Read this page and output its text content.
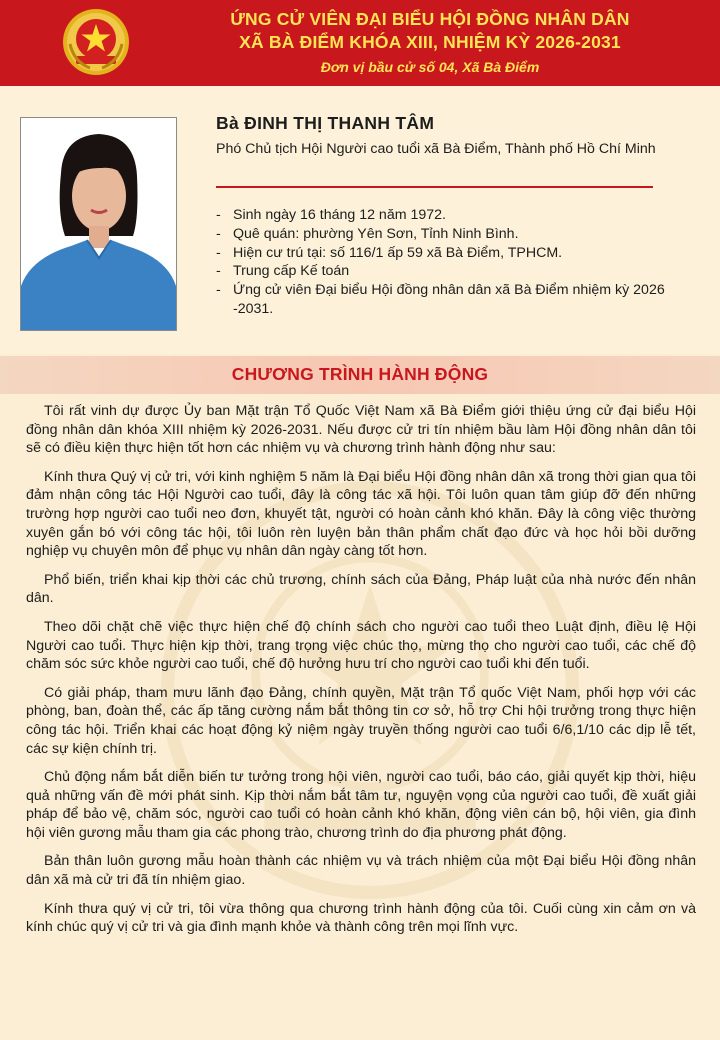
ỨNG CỬ VIÊN ĐẠI BIỂU HỘI ĐỒNG NHÂN DÂN
XÃ BÀ ĐIỂM KHÓA XIII, NHIỆM KỲ 2026-2031
Đơn vị bầu cử số 04, Xã Bà Điểm
Bà ĐINH THỊ THANH TÂM
Phó Chủ tịch Hội Người cao tuổi xã Bà Điểm, Thành phố Hồ Chí Minh
- Sinh ngày 16 tháng 12 năm 1972.
- Quê quán: phường Yên Sơn, Tỉnh Ninh Bình.
- Hiện cư trú tại: số 116/1 ấp 59 xã Bà Điểm, TPHCM.
- Trung cấp Kế toán
- Ứng cử viên Đại biểu Hội đồng nhân dân xã Bà Điểm nhiệm kỳ 2026 -2031.
CHƯƠNG TRÌNH HÀNH ĐỘNG

Tôi rất vinh dự được Ủy ban Mặt trận Tổ Quốc Việt Nam xã Bà Điểm giới thiệu ứng cử đại biểu Hội đồng nhân dân khóa XIII nhiệm kỳ 2026-2031. Nếu được cử tri tín nhiệm bầu làm Hội đồng nhân dân tôi sẽ có điều kiện thực hiện tốt hơn các nhiệm vụ và chương trình hành động như sau:

Kính thưa Quý vị cử tri, với kinh nghiệm 5 năm là Đại biểu Hội đồng nhân dân xã trong thời gian qua tôi đảm nhận công tác Hội Người cao tuổi, đây là công tác xã hội. Tôi luôn quan tâm giúp đỡ đến những trường hợp người cao tuổi neo đơn, khuyết tật, người có hoàn cảnh khó khăn. Đây là công việc thường xuyên gắn bó với công tác hội, tôi luôn rèn luyện bản thân phẩm chất đạo đức và học hỏi bồi dưỡng nghiệp vụ chuyên môn để phục vụ nhân dân ngày càng tốt hơn.

Phổ biến, triển khai kịp thời các chủ trương, chính sách của Đảng, Pháp luật của nhà nước đến nhân dân.

Theo dõi chặt chẽ việc thực hiện chế độ chính sách cho người cao tuổi theo Luật định, điều lệ Hội Người cao tuổi. Thực hiện kịp thời, trang trọng việc chúc thọ, mừng thọ cho người cao tuổi, các chế độ chăm sóc sức khỏe người cao tuổi, chế độ hưởng hưu trí cho người cao tuổi khi đến tuổi.

Có giải pháp, tham mưu lãnh đạo Đảng, chính quyền, Mặt trận Tổ quốc Việt Nam, phối hợp với các phòng, ban, đoàn thể, các ấp tăng cường nắm bắt thông tin cơ sở, hỗ trợ Chi hội trưởng trong thực hiện công tác hội. Triển khai các hoạt động kỷ niệm ngày truyền thống người cao tuổi 6/6,1/10 các dịp lễ tết, các sự kiện chính trị.

Chủ động nắm bắt diễn biến tư tưởng trong hội viên, người cao tuổi, báo cáo, giải quyết kịp thời, hiệu quả những vấn đề mới phát sinh. Kịp thời nắm bắt tâm tư, nguyện vọng của người cao tuổi, đề xuất giải pháp để bảo vệ, chăm sóc, người cao tuổi có hoàn cảnh khó khăn, động viên cán bộ, hội viên, gia đình hội viên gương mẫu tham gia các phong trào, chương trình do địa phương phát động.

Bản thân luôn gương mẫu hoàn thành các nhiệm vụ và trách nhiệm của một Đại biểu Hội đồng nhân dân xã mà cử tri đã tín nhiệm giao.

Kính thưa quý vị cử tri, tôi vừa thông qua chương trình hành động của tôi. Cuối cùng xin cảm ơn và kính chúc quý vị cử tri và gia đình mạnh khỏe và thành công trên mọi lĩnh vực.
